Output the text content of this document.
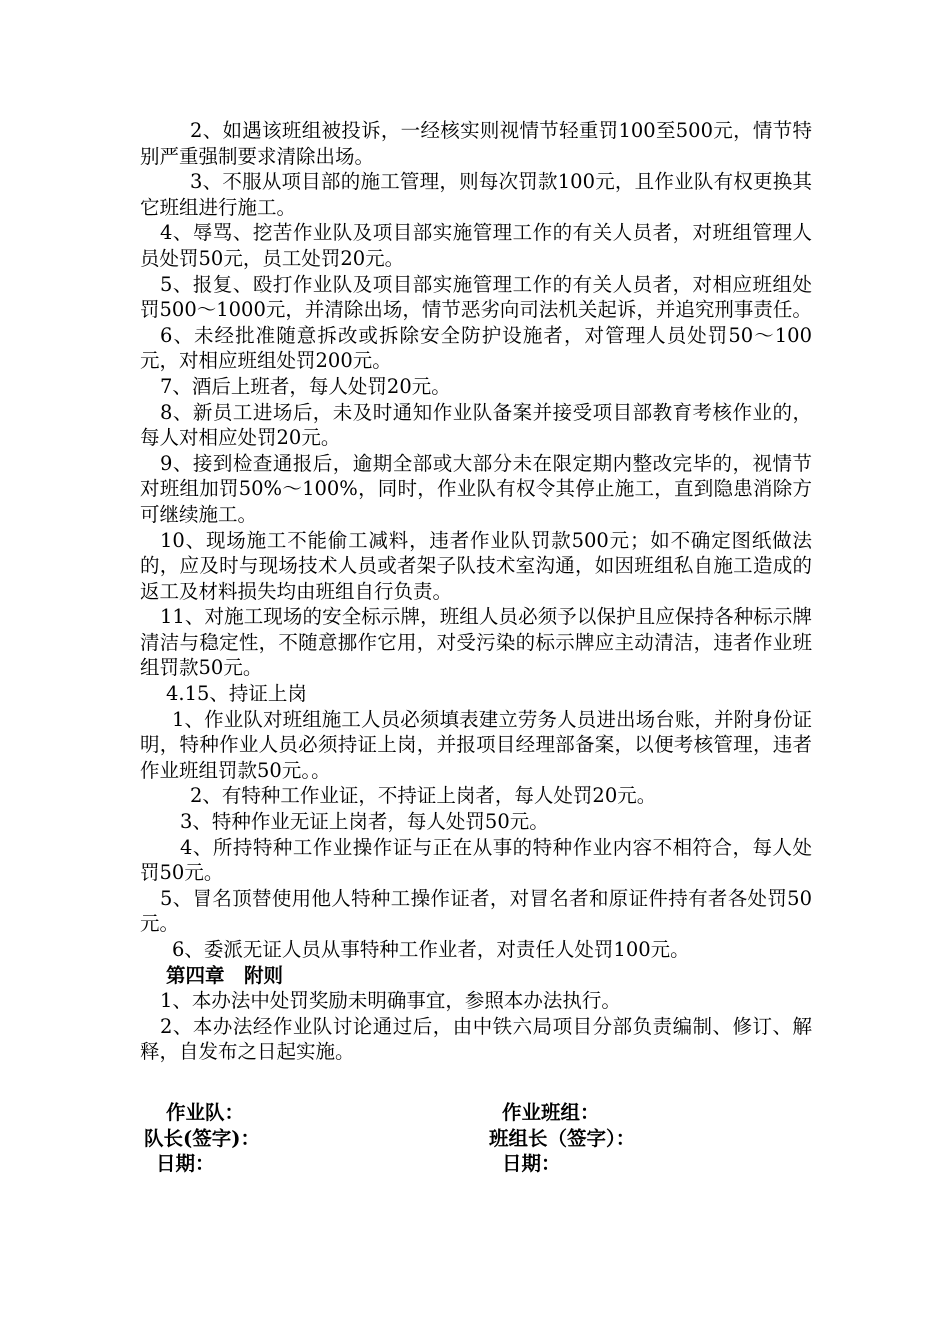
2、如遇该班组被投诉，一经核实则视情节轻重罚100至500元，情节特别严重强制要求清除出场。

3、不服从项目部的施工管理，则每次罚款100元，且作业队有权更换其它班组进行施工。

4、辱骂、挖苦作业队及项目部实施管理工作的有关人员者，对班组管理人员处罚50元，员工处罚20元。

5、报复、殴打作业队及项目部实施管理工作的有关人员者，对相应班组处罚500～1000元，并清除出场，情节恶劣向司法机关起诉，并追究刑事责任。

6、未经批准随意拆改或拆除安全防护设施者，对管理人员处罚50～100元，对相应班组处罚200元。

7、酒后上班者，每人处罚20元。

8、新员工进场后，未及时通知作业队备案并接受项目部教育考核作业的，每人对相应处罚20元。

9、接到检查通报后，逾期全部或大部分未在限定期内整改完毕的，视情节对班组加罚50%～100%，同时，作业队有权令其停止施工，直到隐患消除方可继续施工。

10、现场施工不能偷工减料，违者作业队罚款500元；如不确定图纸做法的，应及时与现场技术人员或者架子队技术室沟通，如因班组私自施工造成的返工及材料损失均由班组自行负责。

11、对施工现场的安全标示牌，班组人员必须予以保护且应保持各种标示牌清洁与稳定性，不随意挪作它用，对受污染的标示牌应主动清洁，违者作业班组罚款50元。

4.15、持证上岗

1、作业队对班组施工人员必须填表建立劳务人员进出场台账，并附身份证明，特种作业人员必须持证上岗，并报项目经理部备案，以便考核管理，违者作业班组罚款50元。。

2、有特种工作业证，不持证上岗者，每人处罚20元。

3、特种作业无证上岗者，每人处罚50元。

4、所持特种工作业操作证与正在从事的特种作业内容不相符合，每人处罚50元。

5、冒名顶替使用他人特种工操作证者，对冒名者和原证件持有者各处罚50元。

6、委派无证人员从事特种工作业者，对责任人处罚100元。

第四章　附则

1、本办法中处罚奖励未明确事宜，参照本办法执行。

2、本办法经作业队讨论通过后，由中铁六局项目分部负责编制、修订、解释，自发布之日起实施。

作业队：	作业班组：
队长(签字)：	班组长（签字）：
日期：	日期：
